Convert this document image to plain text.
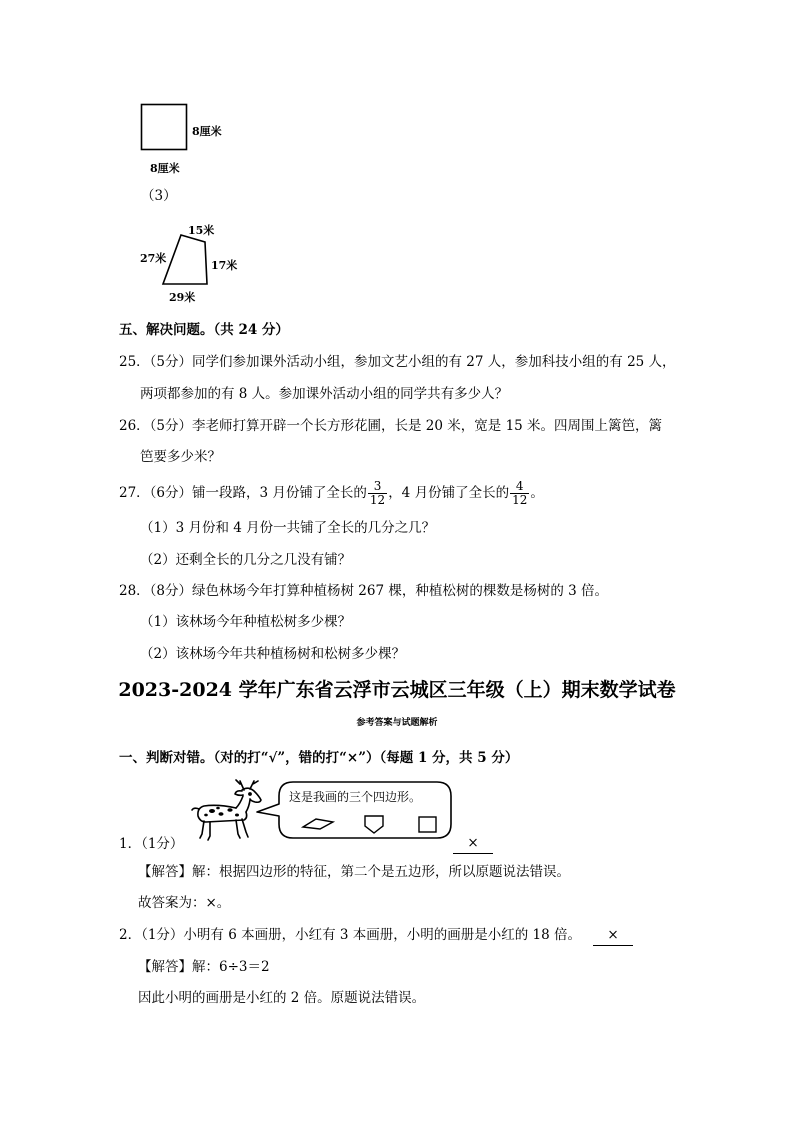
8厘米
8厘米
（3）
15米
27米
17米
29米
五、解决问题。（共 24 分）
25．（5分）同学们参加课外活动小组，参加文艺小组的有 27 人，参加科技小组的有 25 人，
两项都参加的有 8 人。参加课外活动小组的同学共有多少人？
26．（5分）李老师打算开辟一个长方形花圃，长是 20 米，宽是 15 米。四周围上篱笆，篱
笆要多少米？
27．（6分）铺一段路，3 月份铺了全长的 $\frac{3}{12}$ ，4 月份铺了全长的 $\frac{4}{12}$ 。
（1）3 月份和 4 月份一共铺了全长的几分之几？
（2）还剩全长的几分之几没有铺？
28．（8分）绿色林场今年打算种植杨树 267 棵，种植松树的棵数是杨树的 3 倍。
（1）该林场今年种植松树多少棵？
（2）该林场今年共种植杨树和松树多少棵？
2023-2024 学年广东省云浮市云城区三年级（上）期末数学试卷
参考答案与试题解析
一、判断对错。（对的打“√”，错的打“×”）（每题 1 分，共 5 分）
这是我画的三个四边形。
1．（1分）	×
【解答】解：根据四边形的特征，第二个是五边形，所以原题说法错误。
故答案为：×。
2．（1分）小明有 6 本画册，小红有 3 本画册，小明的画册是小红的 18 倍。	×
【解答】解：6÷3＝2
因此小明的画册是小红的 2 倍。原题说法错误。
